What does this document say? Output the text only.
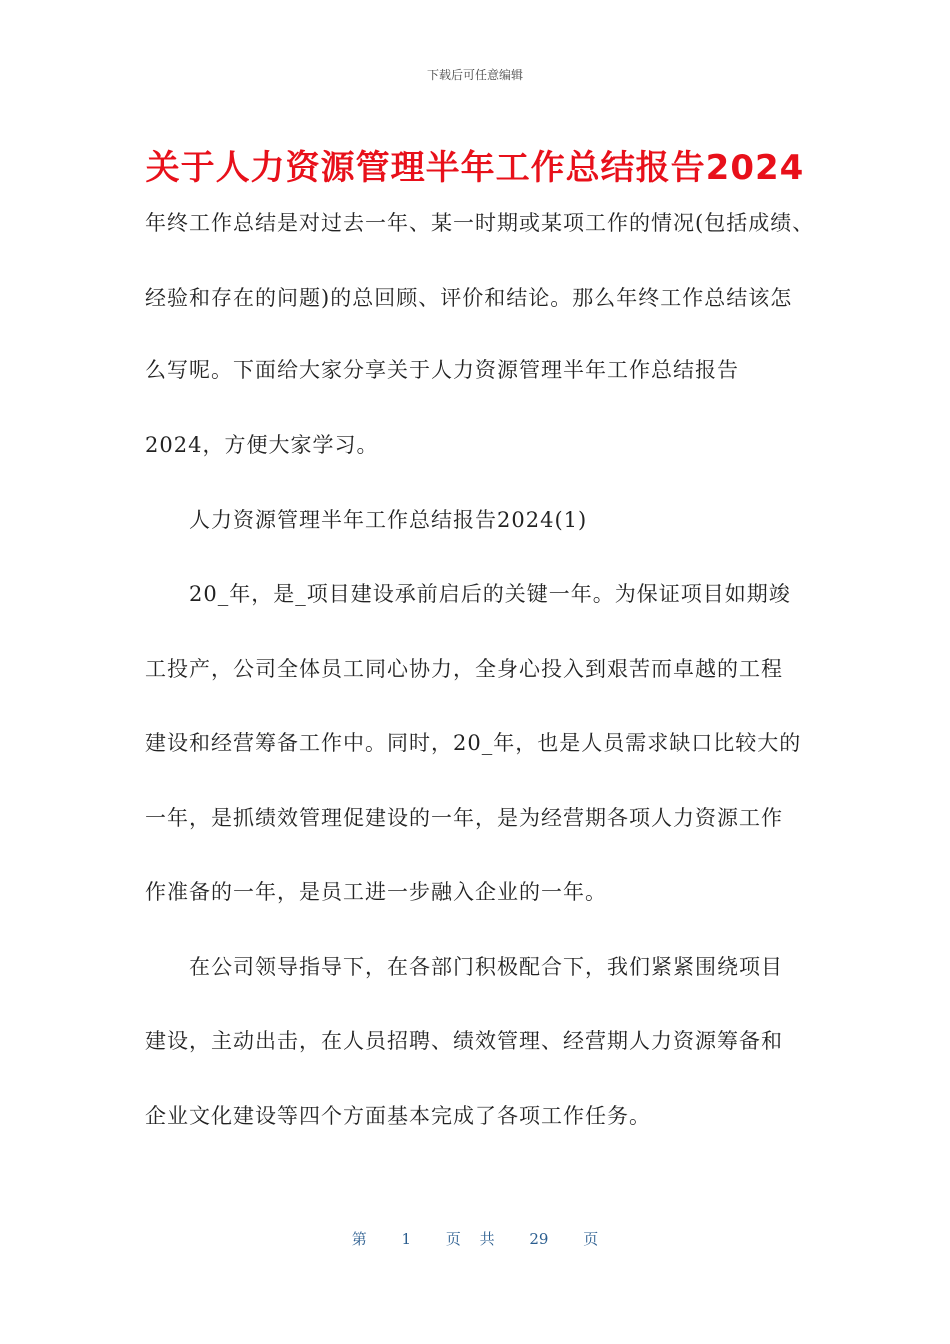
下载后可任意编辑
关于人力资源管理半年工作总结报告2024
年终工作总结是对过去一年、某一时期或某项工作的情况(包括成绩、
经验和存在的问题)的总回顾、评价和结论。那么年终工作总结该怎
么写呢。下面给大家分享关于人力资源管理半年工作总结报告
2024，方便大家学习。
人力资源管理半年工作总结报告2024(1)
20_年，是_项目建设承前启后的关键一年。为保证项目如期竣
工投产，公司全体员工同心协力，全身心投入到艰苦而卓越的工程
建设和经营筹备工作中。同时，20_年，也是人员需求缺口比较大的
一年，是抓绩效管理促建设的一年，是为经营期各项人力资源工作
作准备的一年，是员工进一步融入企业的一年。
在公司领导指导下，在各部门积极配合下，我们紧紧围绕项目
建设，主动出击，在人员招聘、绩效管理、经营期人力资源筹备和
企业文化建设等四个方面基本完成了各项工作任务。
第 1 页 共 29 页
